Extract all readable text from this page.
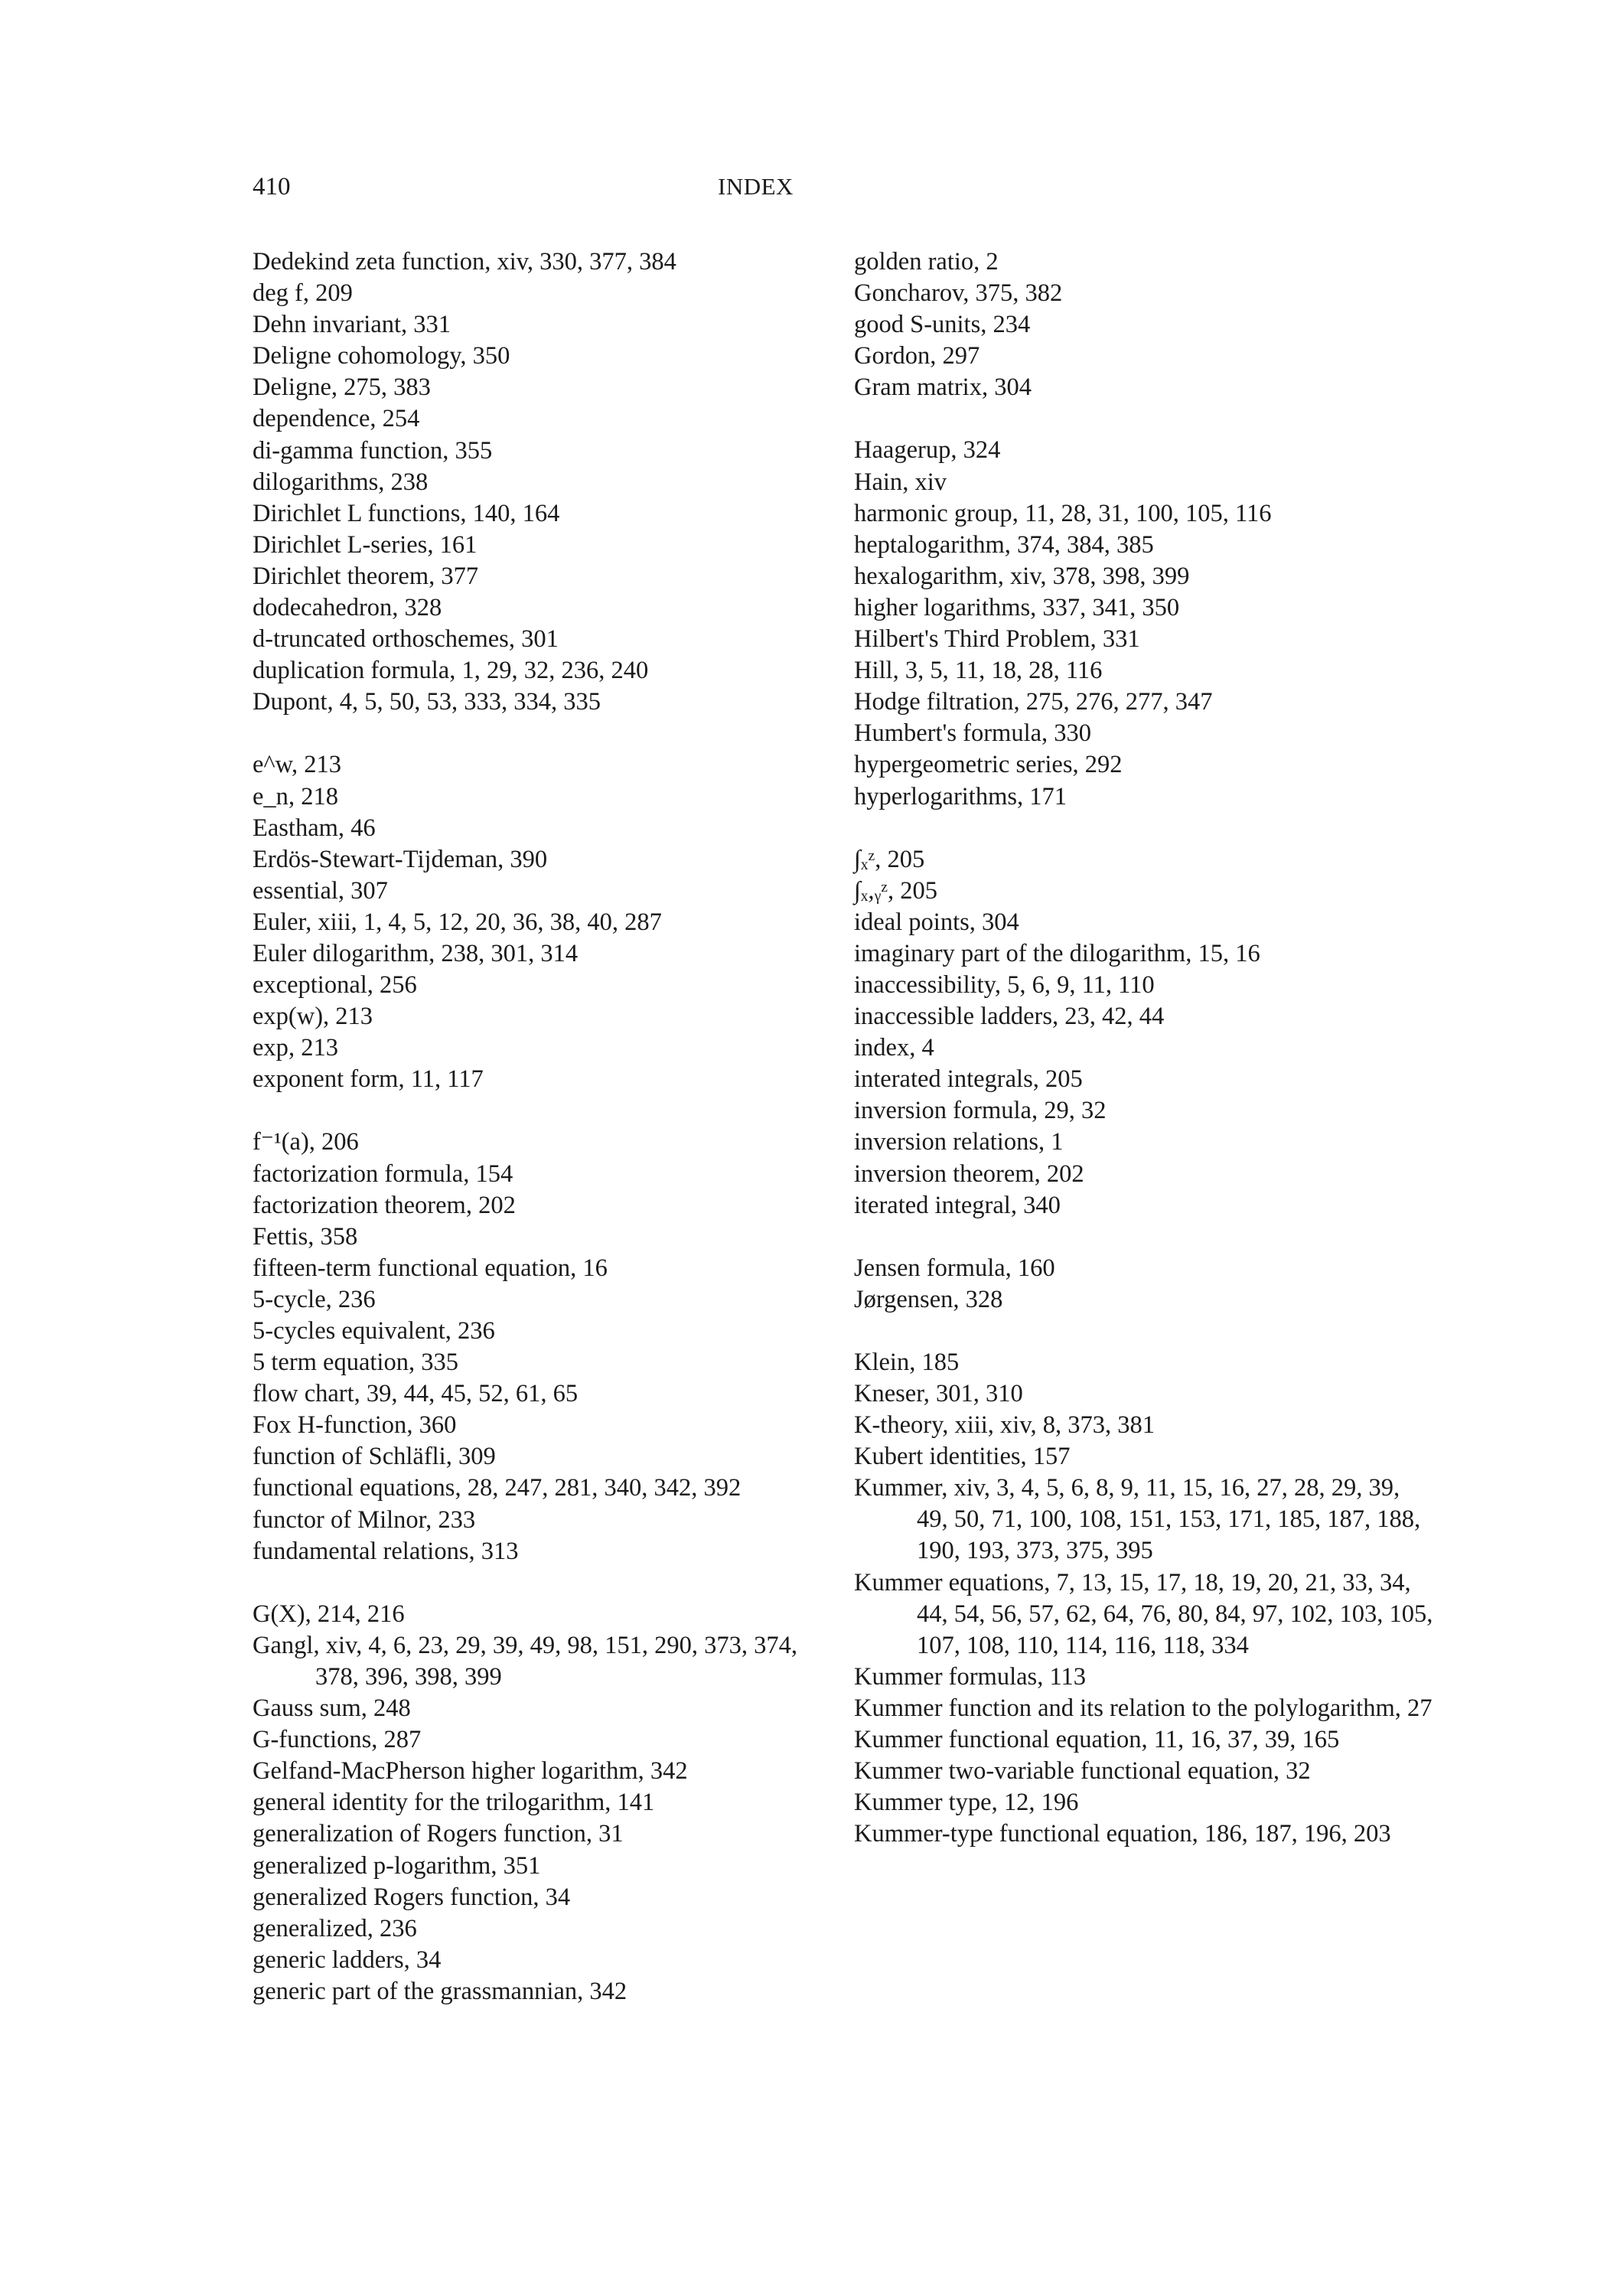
410	INDEX
Dedekind zeta function, xiv, 330, 377, 384
deg f, 209
Dehn invariant, 331
Deligne cohomology, 350
Deligne, 275, 383
dependence, 254
di-gamma function, 355
dilogarithms, 238
Dirichlet L functions, 140, 164
Dirichlet L-series, 161
Dirichlet theorem, 377
dodecahedron, 328
d-truncated orthoschemes, 301
duplication formula, 1, 29, 32, 236, 240
Dupont, 4, 5, 50, 53, 333, 334, 335
e^w, 213
e_n, 218
Eastham, 46
Erdös-Stewart-Tijdeman, 390
essential, 307
Euler, xiii, 1, 4, 5, 12, 20, 36, 38, 40, 287
Euler dilogarithm, 238, 301, 314
exceptional, 256
exp(w), 213
exp, 213
exponent form, 11, 117
f⁻¹(a), 206
factorization formula, 154
factorization theorem, 202
Fettis, 358
fifteen-term functional equation, 16
5-cycle, 236
5-cycles equivalent, 236
5 term equation, 335
flow chart, 39, 44, 45, 52, 61, 65
Fox H-function, 360
function of Schläfli, 309
functional equations, 28, 247, 281, 340, 342, 392
functor of Milnor, 233
fundamental relations, 313
G(X), 214, 216
Gangl, xiv, 4, 6, 23, 29, 39, 49, 98, 151, 290, 373, 374, 378, 396, 398, 399
Gauss sum, 248
G-functions, 287
Gelfand-MacPherson higher logarithm, 342
general identity for the trilogarithm, 141
generalization of Rogers function, 31
generalized p-logarithm, 351
generalized Rogers function, 34
generalized, 236
generic ladders, 34
generic part of the grassmannian, 342
golden ratio, 2
Goncharov, 375, 382
good S-units, 234
Gordon, 297
Gram matrix, 304
Haagerup, 324
Hain, xiv
harmonic group, 11, 28, 31, 100, 105, 116
heptalogarithm, 374, 384, 385
hexalogarithm, xiv, 378, 398, 399
higher logarithms, 337, 341, 350
Hilbert's Third Problem, 331
Hill, 3, 5, 11, 18, 28, 116
Hodge filtration, 275, 276, 277, 347
Humbert's formula, 330
hypergeometric series, 292
hyperlogarithms, 171
∫ₓᶻ, 205
∫ₓ,ᵧᶻ, 205
ideal points, 304
imaginary part of the dilogarithm, 15, 16
inaccessibility, 5, 6, 9, 11, 110
inaccessible ladders, 23, 42, 44
index, 4
interated integrals, 205
inversion formula, 29, 32
inversion relations, 1
inversion theorem, 202
iterated integral, 340
Jensen formula, 160
Jørgensen, 328
Klein, 185
Kneser, 301, 310
K-theory, xiii, xiv, 8, 373, 381
Kubert identities, 157
Kummer, xiv, 3, 4, 5, 6, 8, 9, 11, 15, 16, 27, 28, 29, 39, 49, 50, 71, 100, 108, 151, 153, 171, 185, 187, 188, 190, 193, 373, 375, 395
Kummer equations, 7, 13, 15, 17, 18, 19, 20, 21, 33, 34, 44, 54, 56, 57, 62, 64, 76, 80, 84, 97, 102, 103, 105, 107, 108, 110, 114, 116, 118, 334
Kummer formulas, 113
Kummer function and its relation to the polylogarithm, 27
Kummer functional equation, 11, 16, 37, 39, 165
Kummer two-variable functional equation, 32
Kummer type, 12, 196
Kummer-type functional equation, 186, 187, 196, 203
